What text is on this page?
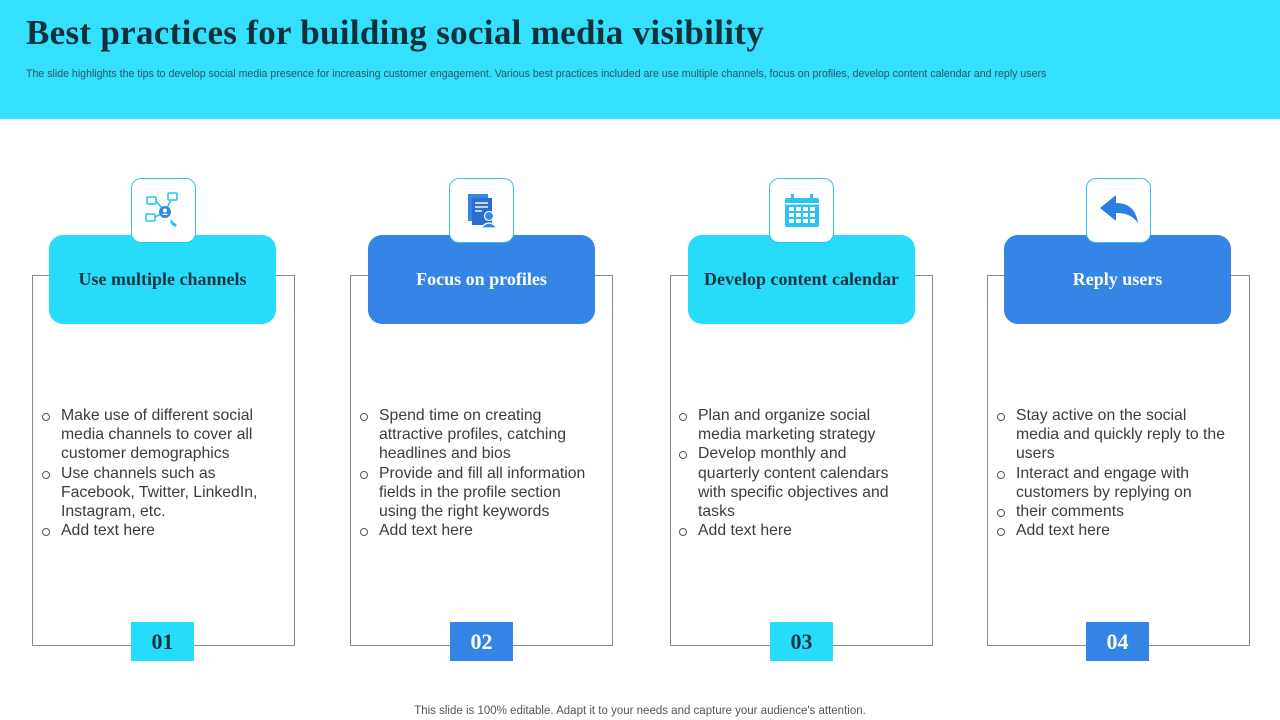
Best practices for building social media visibility
The slide highlights the tips to develop social media presence for increasing customer engagement. Various best practices included are use multiple channels, focus on profiles, develop content calendar and reply users
Use multiple channels
Make use of different social media channels to cover all customer demographics
Use channels such as Facebook, Twitter, LinkedIn, Instagram, etc.
Add text here
01
Focus on profiles
Spend time on creating attractive profiles, catching headlines and bios
Provide and fill all information fields in the profile section using the right keywords
Add text here
02
Develop content calendar
Plan and organize social media marketing strategy
Develop monthly and quarterly content calendars with specific objectives and tasks
Add text here
03
Reply users
Stay active on the social media and quickly reply to the users
Interact and engage with customers by replying on
their comments
Add text here
04
This slide is 100% editable. Adapt it to your needs and capture your audience's attention.
